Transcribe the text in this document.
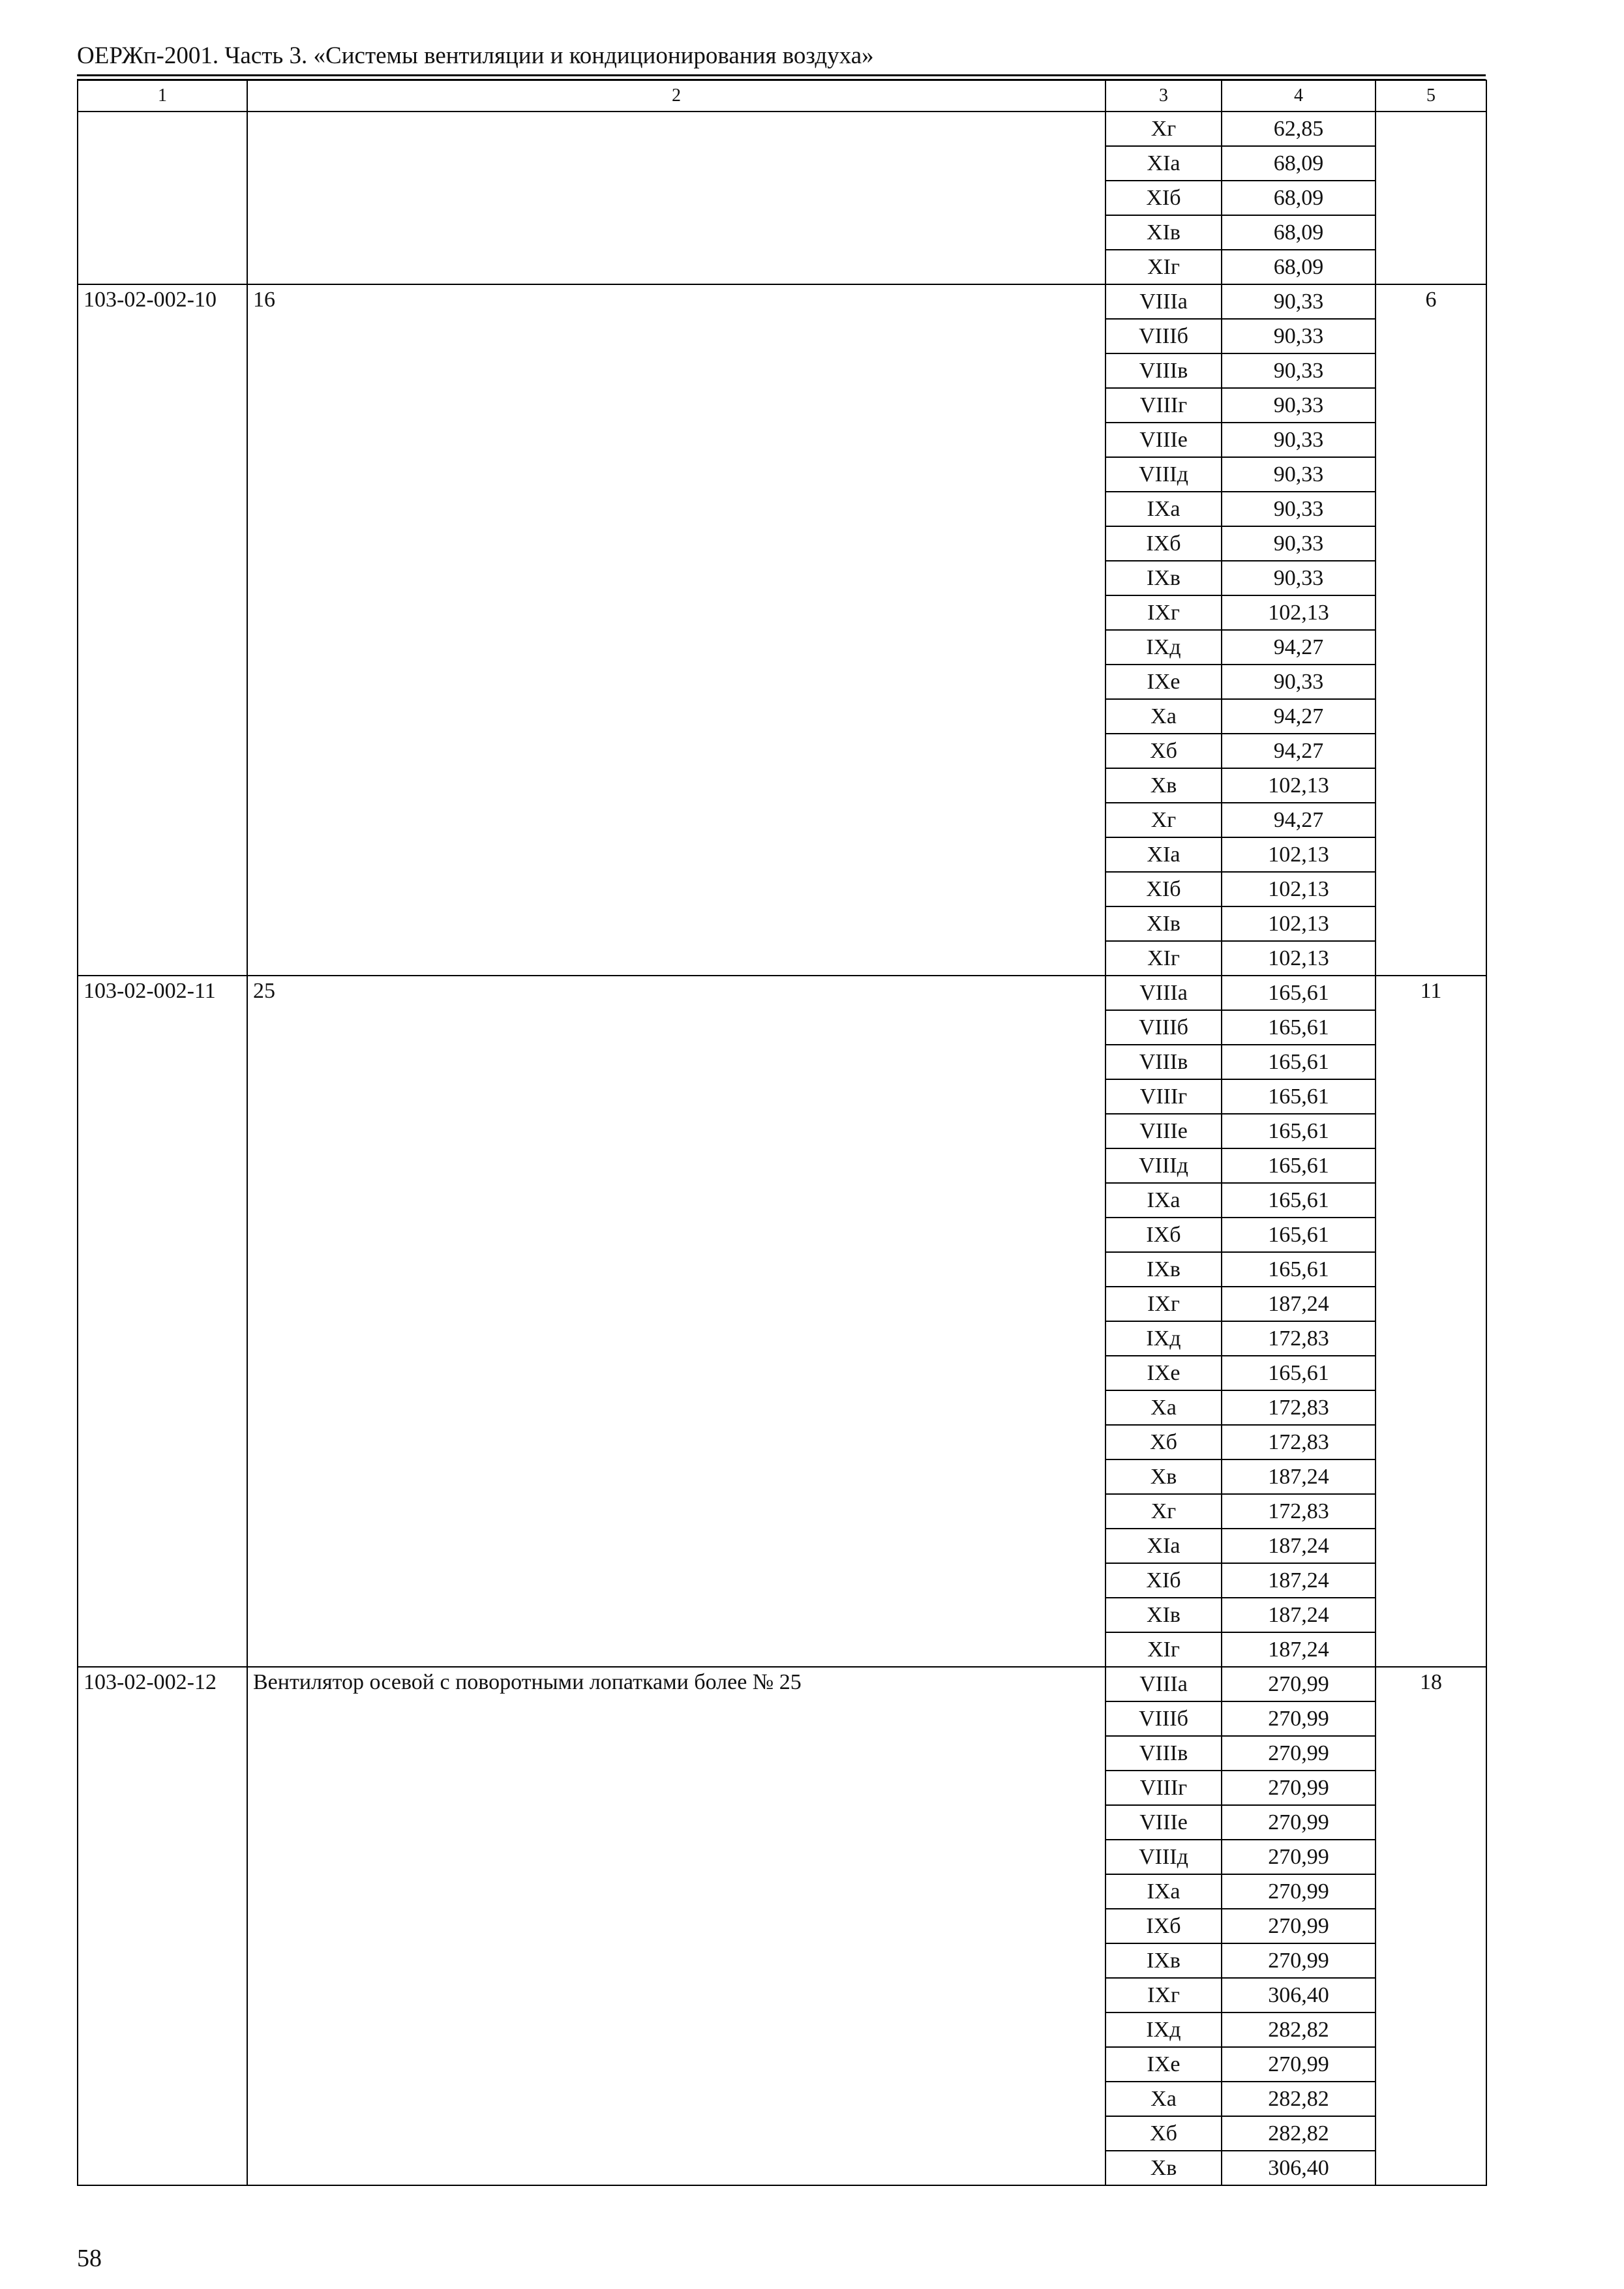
ОЕРЖп-2001. Часть 3. «Системы вентиляции и кондиционирования воздуха»
1	2	3	4	5
		Xг	62,85	
		XIа	68,09	
		XIб	68,09	
		XIв	68,09	
		XIг	68,09	
103-02-002-10	16	VIIIа	90,33	6
		VIIIб	90,33	
		VIIIв	90,33	
		VIIIг	90,33	
		VIIIе	90,33	
		VIIIд	90,33	
		IXа	90,33	
		IXб	90,33	
		IXв	90,33	
		IXг	102,13	
		IXд	94,27	
		IXе	90,33	
		Xа	94,27	
		Xб	94,27	
		Xв	102,13	
		Xг	94,27	
		XIа	102,13	
		XIб	102,13	
		XIв	102,13	
		XIг	102,13	
103-02-002-11	25	VIIIа	165,61	11
		VIIIб	165,61	
		VIIIв	165,61	
		VIIIг	165,61	
		VIIIе	165,61	
		VIIIд	165,61	
		IXа	165,61	
		IXб	165,61	
		IXв	165,61	
		IXг	187,24	
		IXд	172,83	
		IXе	165,61	
		Xа	172,83	
		Xб	172,83	
		Xв	187,24	
		Xг	172,83	
		XIа	187,24	
		XIб	187,24	
		XIв	187,24	
		XIг	187,24	
103-02-002-12	Вентилятор осевой с поворотными лопатками более № 25	VIIIа	270,99	18
		VIIIб	270,99	
		VIIIв	270,99	
		VIIIг	270,99	
		VIIIе	270,99	
		VIIIд	270,99	
		IXа	270,99	
		IXб	270,99	
		IXв	270,99	
		IXг	306,40	
		IXд	282,82	
		IXе	270,99	
		Xа	282,82	
		Xб	282,82	
		Xв	306,40	
58
